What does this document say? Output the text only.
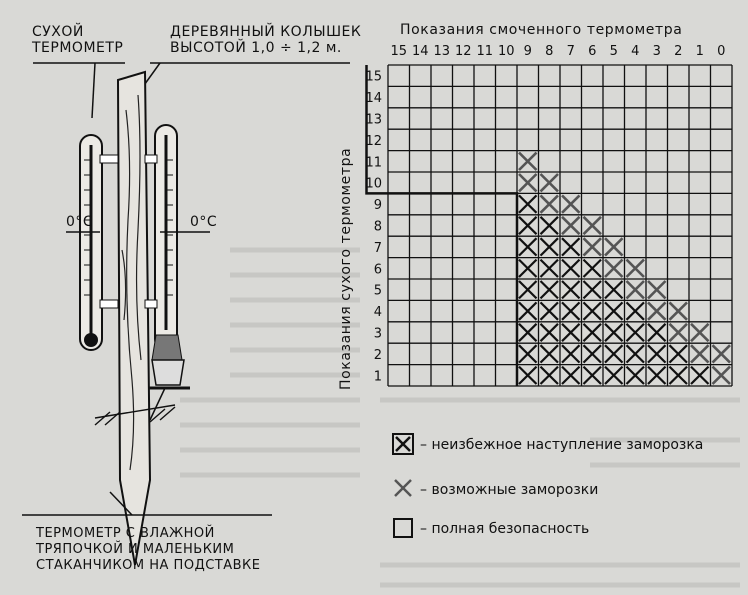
СУХОЙ ТЕРМОМЕТР
ДЕРЕВЯННЫЙ КОЛЫШЕК ВЫСОТОЙ 1,0 ÷ 1,2 м.
0°C	0°C
ТЕРМОМЕТР С ВЛАЖНОЙ ТРЯПОЧКОЙ И МАЛЕНЬКИМ СТАКАНЧИКОМ НА ПОДСТАВКЕ
Показания смоченного термометра
Показания сухого термометра
15 14 13 12 11 10 9 8 7 6 5 4 3 2 1 0
15
14
13
12
11
10
9
8
7
6
5
4
3
2
1
– неизбежное наступление заморозка
– возможные заморозки
– полная безопасность
